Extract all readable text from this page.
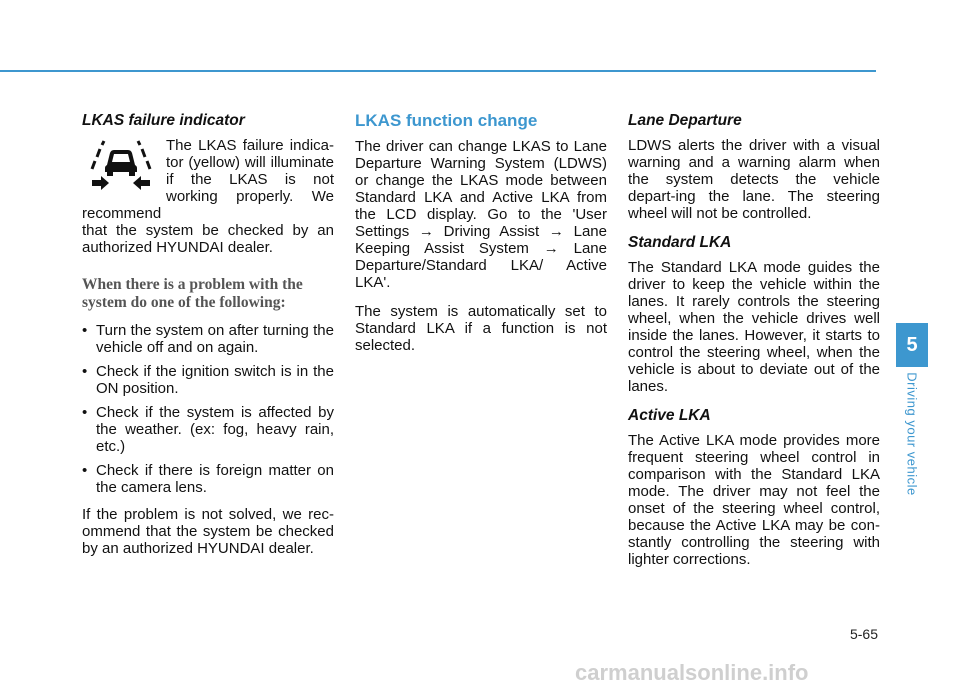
LKAS failure indicator

The LKAS failure indica-tor (yellow) will illuminate if the LKAS is not working properly. We recommend

that the system be checked by an authorized HYUNDAI dealer.

When there is a problem with the system do one of the following:
• Turn the system on after turning the vehicle off and on again.
• Check if the ignition switch is in the ON position.
• Check if the system is affected by the weather. (ex: fog, heavy rain, etc.)
• Check if there is foreign matter on the camera lens.

If the problem is not solved, we rec-ommend that the system be checked by an authorized HYUNDAI dealer.

LKAS function change

The driver can change LKAS to Lane Departure Warning System (LDWS) or change the LKAS mode between Standard LKA and Active LKA from the LCD display. Go to the 'User Settings → Driving Assist → Lane Keeping Assist System → Lane Departure/Standard LKA/ Active LKA'.

The system is automatically set to Standard LKA if a function is not selected.

Lane Departure

LDWS alerts the driver with a visual warning and a warning alarm when the system detects the vehicle depart-ing the lane. The steering wheel will not be controlled.

Standard LKA

The Standard LKA mode guides the driver to keep the vehicle within the lanes. It rarely controls the steering wheel, when the vehicle drives well inside the lanes. However, it starts to control the steering wheel, when the vehicle is about to deviate out of the lanes.

Active LKA

The Active LKA mode provides more frequent steering wheel control in comparison with the Standard LKA mode. The driver may not feel the onset of the steering wheel control, because the Active LKA may be con-stantly controlling the steering with lighter corrections.

5
Driving your vehicle
5-65
carmanualsonline.info
